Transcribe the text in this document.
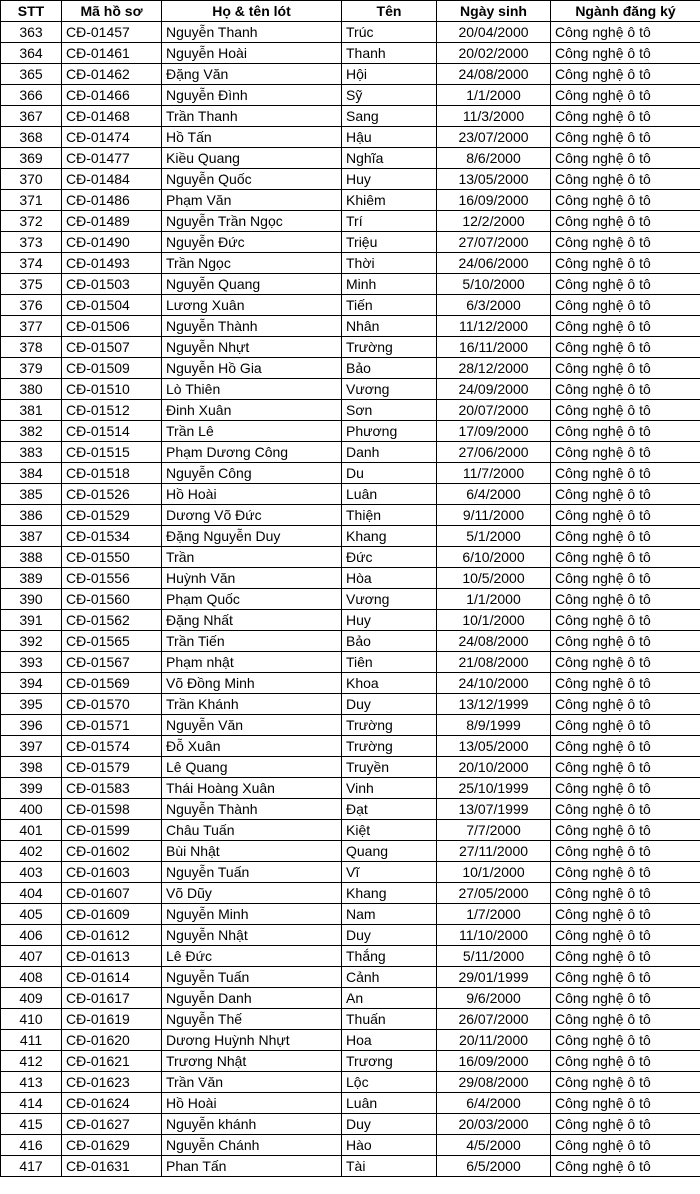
STT	Mã hồ sơ	Họ & tên lót	Tên	Ngày sinh	Ngành đăng ký
363	CĐ-01457	Nguyễn Thanh	Trúc	20/04/2000	Công nghệ ô tô
364	CĐ-01461	Nguyễn Hoài	Thanh	20/02/2000	Công nghệ ô tô
365	CĐ-01462	Đặng Văn	Hội	24/08/2000	Công nghệ ô tô
366	CĐ-01466	Nguyễn Đình	Sỹ	1/1/2000	Công nghệ ô tô
367	CĐ-01468	Trần Thanh	Sang	11/3/2000	Công nghệ ô tô
368	CĐ-01474	Hồ Tấn	Hậu	23/07/2000	Công nghệ ô tô
369	CĐ-01477	Kiều Quang	Nghĩa	8/6/2000	Công nghệ ô tô
370	CĐ-01484	Nguyễn Quốc	Huy	13/05/2000	Công nghệ ô tô
371	CĐ-01486	Phạm Văn	Khiêm	16/09/2000	Công nghệ ô tô
372	CĐ-01489	Nguyễn Trần Ngọc	Trí	12/2/2000	Công nghệ ô tô
373	CĐ-01490	Nguyễn Đức	Triệu	27/07/2000	Công nghệ ô tô
374	CĐ-01493	Trần Ngọc	Thời	24/06/2000	Công nghệ ô tô
375	CĐ-01503	Nguyễn Quang	Minh	5/10/2000	Công nghệ ô tô
376	CĐ-01504	Lương Xuân	Tiến	6/3/2000	Công nghệ ô tô
377	CĐ-01506	Nguyễn Thành	Nhân	11/12/2000	Công nghệ ô tô
378	CĐ-01507	Nguyễn Nhựt	Trường	16/11/2000	Công nghệ ô tô
379	CĐ-01509	Nguyễn Hồ Gia	Bảo	28/12/2000	Công nghệ ô tô
380	CĐ-01510	Lò Thiên	Vương	24/09/2000	Công nghệ ô tô
381	CĐ-01512	Đinh Xuân	Sơn	20/07/2000	Công nghệ ô tô
382	CĐ-01514	Trần Lê	Phương	17/09/2000	Công nghệ ô tô
383	CĐ-01515	Phạm Dương Công	Danh	27/06/2000	Công nghệ ô tô
384	CĐ-01518	Nguyễn Công	Du	11/7/2000	Công nghệ ô tô
385	CĐ-01526	Hồ Hoài	Luân	6/4/2000	Công nghệ ô tô
386	CĐ-01529	Dương Võ Đức	Thiện	9/11/2000	Công nghệ ô tô
387	CĐ-01534	Đặng Nguyễn Duy	Khang	5/1/2000	Công nghệ ô tô
388	CĐ-01550	Trần	Đức	6/10/2000	Công nghệ ô tô
389	CĐ-01556	Huỳnh Văn	Hòa	10/5/2000	Công nghệ ô tô
390	CĐ-01560	Phạm Quốc	Vương	1/1/2000	Công nghệ ô tô
391	CĐ-01562	Đặng Nhất	Huy	10/1/2000	Công nghệ ô tô
392	CĐ-01565	Trần Tiến	Bảo	24/08/2000	Công nghệ ô tô
393	CĐ-01567	Phạm nhật	Tiên	21/08/2000	Công nghệ ô tô
394	CĐ-01569	Võ Đồng Minh	Khoa	24/10/2000	Công nghệ ô tô
395	CĐ-01570	Trần Khánh	Duy	13/12/1999	Công nghệ ô tô
396	CĐ-01571	Nguyễn Văn	Trường	8/9/1999	Công nghệ ô tô
397	CĐ-01574	Đỗ Xuân	Trường	13/05/2000	Công nghệ ô tô
398	CĐ-01579	Lê Quang	Truyền	20/10/2000	Công nghệ ô tô
399	CĐ-01583	Thái Hoàng Xuân	Vinh	25/10/1999	Công nghệ ô tô
400	CĐ-01598	Nguyễn Thành	Đạt	13/07/1999	Công nghệ ô tô
401	CĐ-01599	Châu Tuấn	Kiệt	7/7/2000	Công nghệ ô tô
402	CĐ-01602	Bùi Nhật	Quang	27/11/2000	Công nghệ ô tô
403	CĐ-01603	Nguyễn Tuấn	Vĩ	10/1/2000	Công nghệ ô tô
404	CĐ-01607	Võ Dũy	Khang	27/05/2000	Công nghệ ô tô
405	CĐ-01609	Nguyễn Minh	Nam	1/7/2000	Công nghệ ô tô
406	CĐ-01612	Nguyễn Nhật	Duy	11/10/2000	Công nghệ ô tô
407	CĐ-01613	Lê Đức	Thắng	5/11/2000	Công nghệ ô tô
408	CĐ-01614	Nguyễn Tuấn	Cảnh	29/01/1999	Công nghệ ô tô
409	CĐ-01617	Nguyễn Danh	An	9/6/2000	Công nghệ ô tô
410	CĐ-01619	Nguyễn Thế	Thuấn	26/07/2000	Công nghệ ô tô
411	CĐ-01620	Dương Huỳnh Nhựt	Hoa	20/11/2000	Công nghệ ô tô
412	CĐ-01621	Trương Nhật	Trương	16/09/2000	Công nghệ ô tô
413	CĐ-01623	Trần Văn	Lộc	29/08/2000	Công nghệ ô tô
414	CĐ-01624	Hồ Hoài	Luân	6/4/2000	Công nghệ ô tô
415	CĐ-01627	Nguyễn khánh	Duy	20/03/2000	Công nghệ ô tô
416	CĐ-01629	Nguyễn Chánh	Hào	4/5/2000	Công nghệ ô tô
417	CĐ-01631	Phan Tấn	Tài	6/5/2000	Công nghệ ô tô
